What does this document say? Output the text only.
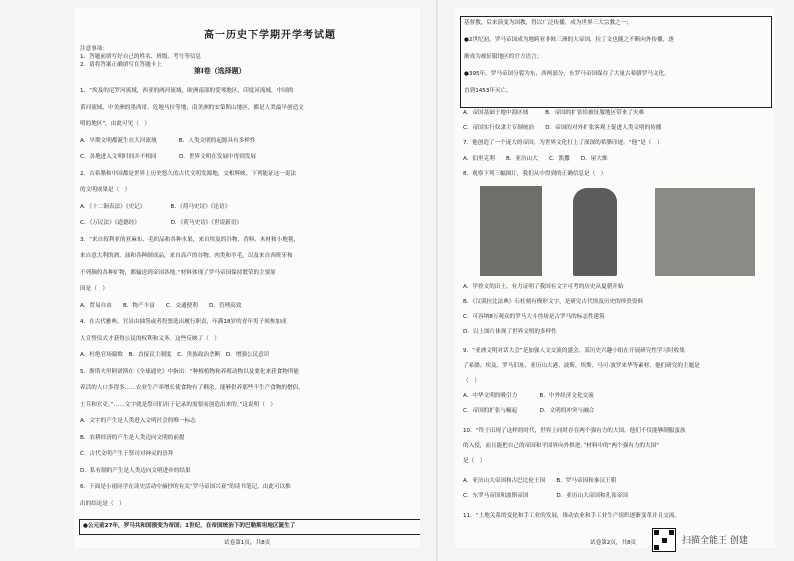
高一历史下学期开学考试题
注意事项：
1．答题前填写好自己的姓名、班级、考号等信息
2．请将答案正确填写在答题卡上
第I卷（选择题）
1．“埃及的尼罗河流域，西亚的两河流域，欧洲南部的爱琴地区，印度河流域，中国的
黄河流域、中美洲的墨西哥、危地马拉等地，南美洲的安第斯山地区，都是人类最早创造文
明的地区”。由此可见（　）
A．早期文明都诞生在大河流域　　　　B．人类文明的起源具有多样性
C．各地进入文明时间并不相同　　　　D．世界文明在发展中得到发展
2．古希腊和中国都是世界上历史悠久的古代文明发源地，交相辉映。下列能证这一说法
的文明成果是（　）
A．《十二铜表法》《史记》　　　　　B．《荷马史诗》《论语》
C．《万民法》《道德经》　　　　　　D．《荷马史诗》《世说新语》
3．“来自叙利亚的亚麻布、毛织品和各种水果，来自埃及的谷物、香料、木材和小地毯，
来自意大利的酒、油和各种制成品，来自高卢的谷物、肉类和羊毛，以及来自西班牙和
不列颠的各种矿物，都输送到帝国各地。”材料体现了罗马帝国保持繁荣的主要原
因是（　）
A．贸易自由　　B．物产丰富　　C．交通便利　　D．管理高效
4．在古代雅典，官员由抽签或者投票选出履行职责，年满18岁的青年男子须参加成
人宣誓仪式才获得公民的权利和义务。这些反映了（　）
A．杜绝官场腐败　B．直接民主制度　C．贵族政治垄断　D．增强公民意识
5．斯塔夫里阿诺斯在《全球通史》中指出：“种植植物和养殖动物以及要化来获食物所能
养活的人口多得多……农业生产率增长使食物有了剩余，能够供养那些不生产食物的僧侣、
士兵和官吏。”……文字就是祭司们出于记录的需要而创造出来的。”这说明（　）
A．文字的产生是人类进入文明社会的唯一标志
B．农耕经济的产生是人类迈向文明的前提
C．古代文明产生于祭司对神灵的崇拜
D．私有制的产生是人类迈向文明进步的结果
6．下面是小雨同学在读史活动中摘抄的有关“罗马帝国兴衰”的读书笔记，由此可以推
出的结论是（　）
●公元前27年，罗马共和国演变为帝国；1世纪，在帝国统治下的巴勒斯坦地区诞生了
试卷第1页，共8页
基督教，后来演变为国教，得以广泛传播，成为世界三大宗教之一；
●2世纪初，罗马帝国成为地跨亚非欧三洲的大帝国，拉丁文也随之不断向外传播，逐
渐成为被征服地区的官方语言；
●395年，罗马帝国分裂为东、西两部分，东罗马帝国保存了大量古希腊罗马文化，
直到1453年灭亡。
A．帝国基础于地中海区域　　　B．帝国的扩张给被征服地区带来了灾难
C．帝国实行奴隶主专制统治　　D．帝国的对外扩张客观上促进人类文明的传播
7．他创造了一个庞大的帝国，为世界文化打上了深深的希腊印迹。“他”是（　）
A．伯里克利　　B．亚历山大　　C．凯撒　　D．屋大维
8．观察下列三幅图片，我们从中得到的正确信息是（　）
A．甲骨文的出土，有力证明了我国有文字可考的历史从夏朝开始
B．《汉谟拉比法典》石柱刻有楔形文字，是研究古代埃及历史的珍贵资料
C．可容纳8万观众的罗马大斗兽场是古罗马的标志性建筑
D．以上图片体现了世界文明的多样性
9．“亚洲文明对话大会”是加强人文交流的盛会，某历史兴趣小组在开展研究性学习时收集
了希腊、埃及、罗马旧址、亚历山大港、波斯、埃斯、马可·波罗来华等素材，他们研究的主题是
（　）
A．中华文明的吸引力　　　　B．中外经济文化交流
C．帝国的扩张与崛起　　　　D．文明的冲突与融合
10．“终于出现了这样的时代，世界上同时存在两个强有力的大国，他们不仅能够制服蛮族
的入侵，而且能把自己的帝国和平国界向外推进。”材料中的“两个强有力的大国”
是（　）
A．亚历山大帝国和古巴比伦王国　　B．罗马帝国和秦汉王朝
C．东罗马帝国和波斯帝国　　　　　D．亚历山大帝国和孔雀帝国
11．“土地关系的变化和手工业的发展，推动农业和手工业生产组织逐渐变革并且交流。
试卷第2页，共8页	扫描全能王 创建
